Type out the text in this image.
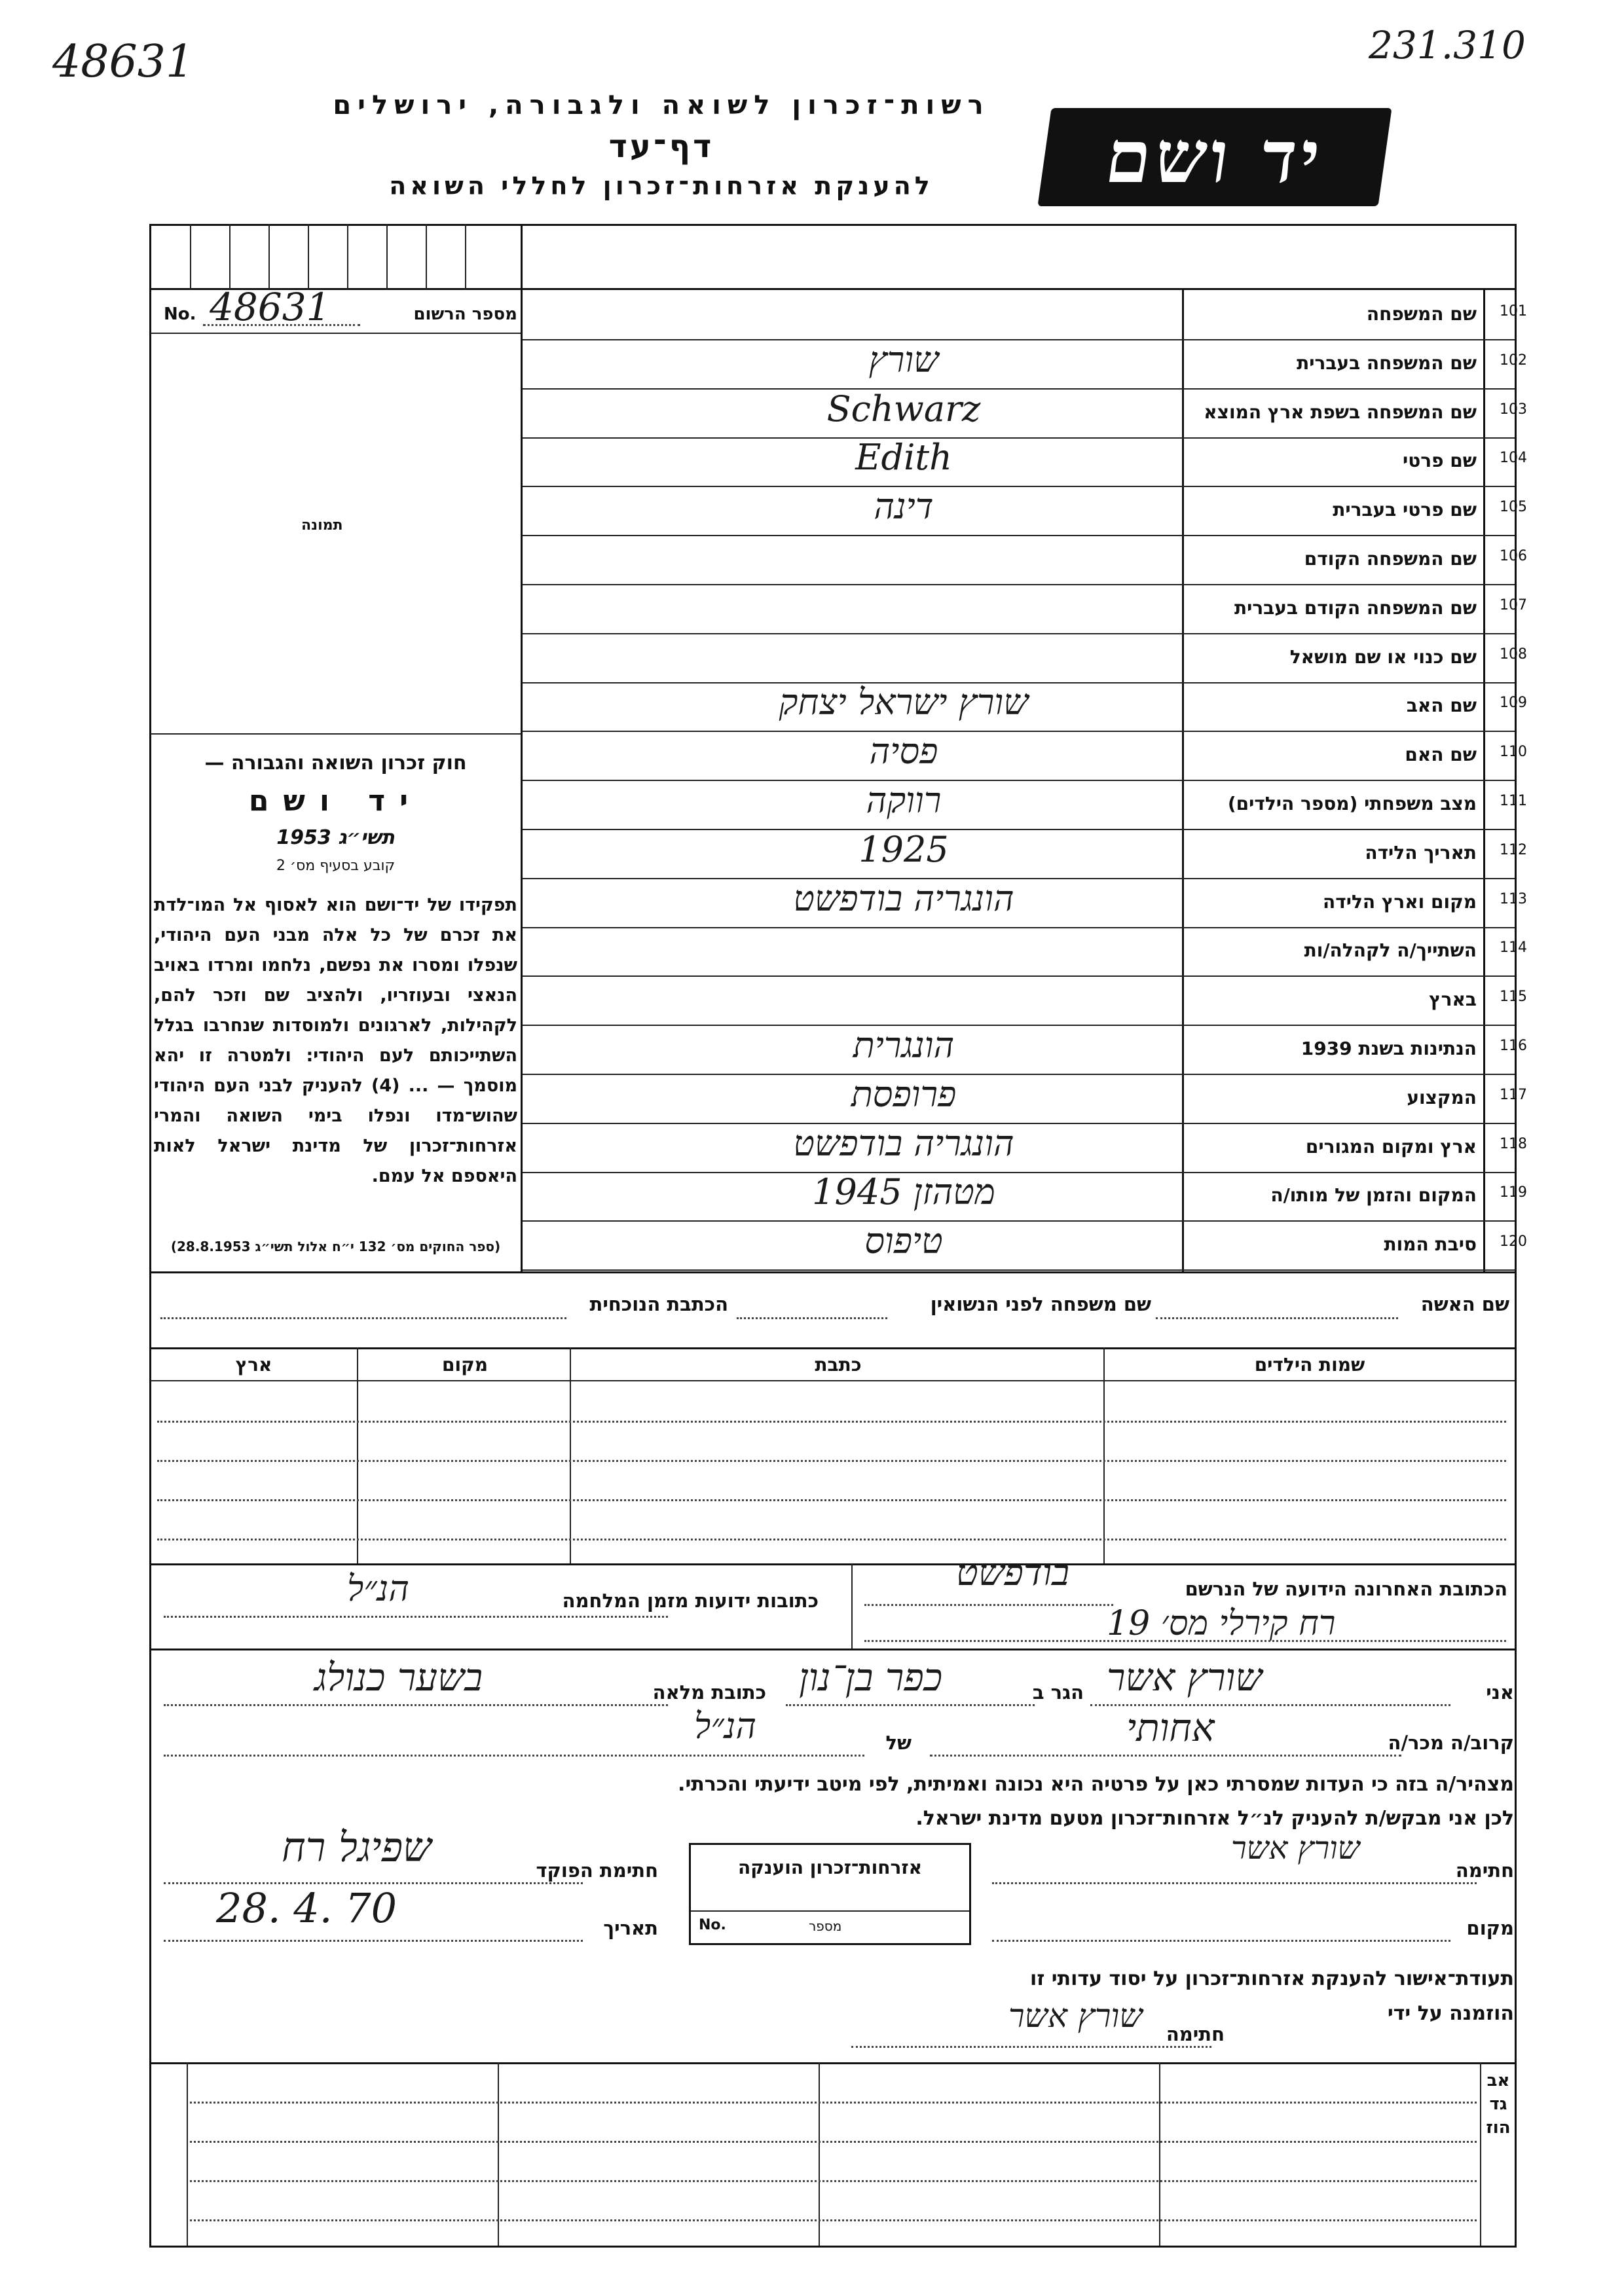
48631	231.310
רשות־זכרון לשואה ולגבורה, ירושלים
דף־עד
להענקת אזרחות־זכרון לחללי השואה	יד ושם
No. 48631	מספר הרשום
תמונה
חוק זכרון השואה והגבורה —
יד ושם
תשי״ג 1953
קובע בסעיף מס׳ 2
תפקידו של יד־ושם הוא לאסוף אל המו־לדת את זכרם של כל אלה מבני העם היהודי, שנפלו ומסרו את נפשם, נלחמו ומרדו באויב הנאצי ובעוזריו, ולהציב שם וזכר להם, לקהילות, לארגונים ולמוסדות שנחרבו בגלל השתייכותם לעם היהודי: ולמטרה זו יהא מוסמך — ... (4) להעניק לבני העם היהודי שהוש־מדו ונפלו בימי השואה והמרי אזרחות־זכרון של מדינת ישראל לאות היאספם אל עמם.
(ספר החוקים מס׳ 132 י״ח אלול תשי״ג 28.8.1953)
101
שם המשפחה
102
שם המשפחה בעברית
שורץ
103
שם המשפחה בשפת ארץ המוצא
Schwarz
104
שם פרטי
Edith
105
שם פרטי בעברית
דינה
106
שם המשפחה הקודם
107
שם המשפחה הקודם בעברית
108
שם כנוי או שם מושאל
109
שם האב
שורץ ישראל יצחק
110
שם האם
פסיה
111
מצב משפחתי (מספר הילדים)
רווקה
112
תאריך הלידה
1925
113
מקום וארץ הלידה
הונגריה בודפשט
114
השתייך/ה לקהלה/ות
115
בארץ
116
הנתינות בשנת 1939
הונגרית
117
המקצוע
פרופסת
118
ארץ ומקום המגורים
הונגריה בודפשט
119
המקום והזמן של מותו/ה
מטהזן 1945
120
סיבת המות
טיפוס
שם האשה
שם משפחה לפני הנשואין
הכתבת הנוכחית
שמות הילדים
כתבת
מקום
ארץ
הכתובת האחרונה הידועה של הנרשם
בודפשט
רח קירלי מס׳ 19
כתובות ידועות מזמן המלחמה
הנ״ל
אני
שורץ אשר
הגר ב
כפר בן־נון
כתובת מלאה
בשער כנולג
קרוב/ה מכר/ה
אחותי
של
הנ״ל
מצהיר/ה בזה כי העדות שמסרתי כאן על פרטיה היא נכונה ואמיתית, לפי מיטב ידיעתי והכרתי.
לכן אני מבקש/ת להעניק לנ״ל אזרחות־זכרון מטעם מדינת ישראל.
חתימה
שורץ אשר
מקום
אזרחות־זכרון הוענקה
No.	מספר
חתימת הפוקד
שפיגל רח
תאריך
28. 4. 70
תעודת־אישור להענקת אזרחות־זכרון על יסוד עדותי זו
הוזמנה על ידי
חתימה
שורץ אשר
אבגדהוז
